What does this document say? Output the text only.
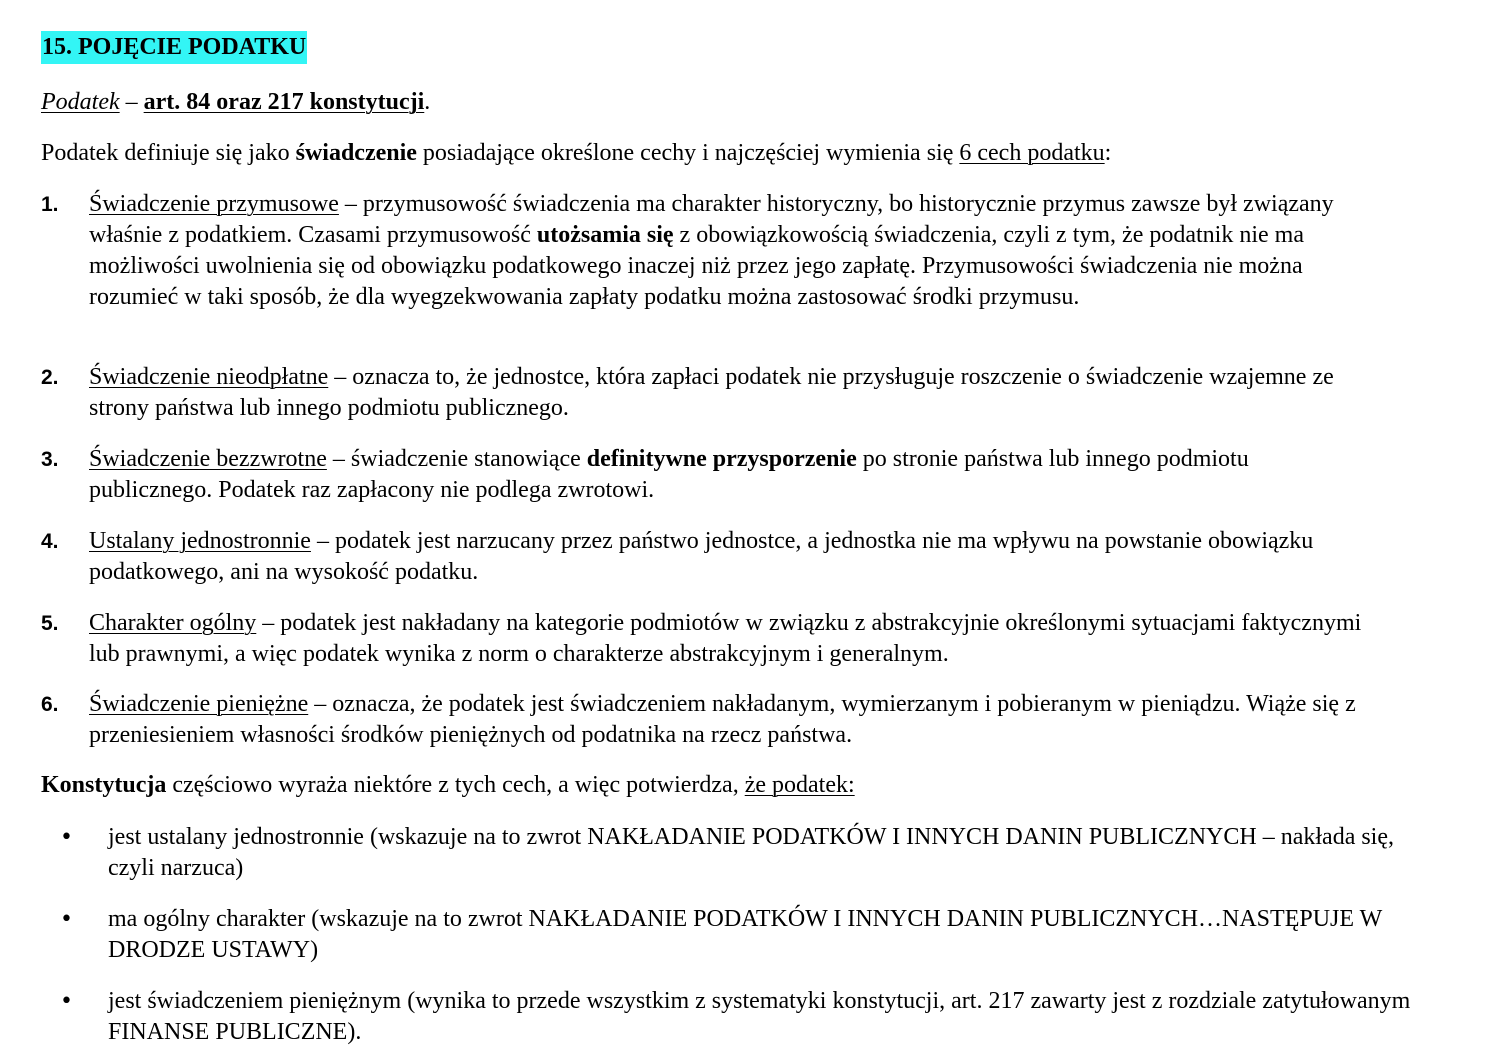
15. POJĘCIE PODATKU

Podatek – art. 84 oraz 217 konstytucji.

Podatek definiuje się jako świadczenie posiadające określone cechy i najczęściej wymienia się 6 cech podatku:

1. Świadczenie przymusowe – przymusowość świadczenia ma charakter historyczny, bo historycznie przymus zawsze był związany właśnie z podatkiem. Czasami przymusowość utożsamia się z obowiązkowością świadczenia, czyli z tym, że podatnik nie ma możliwości uwolnienia się od obowiązku podatkowego inaczej niż przez jego zapłatę. Przymusowości świadczenia nie można rozumieć w taki sposób, że dla wyegzekwowania zapłaty podatku można zastosować środki przymusu.
2. Świadczenie nieodpłatne – oznacza to, że jednostce, która zapłaci podatek nie przysługuje roszczenie o świadczenie wzajemne ze strony państwa lub innego podmiotu publicznego.
3. Świadczenie bezzwrotne – świadczenie stanowiące definitywne przysporzenie po stronie państwa lub innego podmiotu publicznego. Podatek raz zapłacony nie podlega zwrotowi.
4. Ustalany jednostronnie – podatek jest narzucany przez państwo jednostce, a jednostka nie ma wpływu na powstanie obowiązku podatkowego, ani na wysokość podatku.
5. Charakter ogólny – podatek jest nakładany na kategorie podmiotów w związku z abstrakcyjnie określonymi sytuacjami faktycznymi lub prawnymi, a więc podatek wynika z norm o charakterze abstrakcyjnym i generalnym.
6. Świadczenie pieniężne – oznacza, że podatek jest świadczeniem nakładanym, wymierzanym i pobieranym w pieniądzu. Wiąże się z przeniesieniem własności środków pieniężnych od podatnika na rzecz państwa.

Konstytucja częściowo wyraża niektóre z tych cech, a więc potwierdza, że podatek:

• jest ustalany jednostronnie (wskazuje na to zwrot NAKŁADANIE PODATKÓW I INNYCH DANIN PUBLICZNYCH – nakłada się, czyli narzuca)
• ma ogólny charakter (wskazuje na to zwrot NAKŁADANIE PODATKÓW I INNYCH DANIN PUBLICZNYCH…NASTĘPUJE W DRODZE USTAWY)
• jest świadczeniem pieniężnym (wynika to przede wszystkim z systematyki konstytucji, art. 217 zawarty jest z rozdziale zatytułowanym FINANSE PUBLICZNE).
